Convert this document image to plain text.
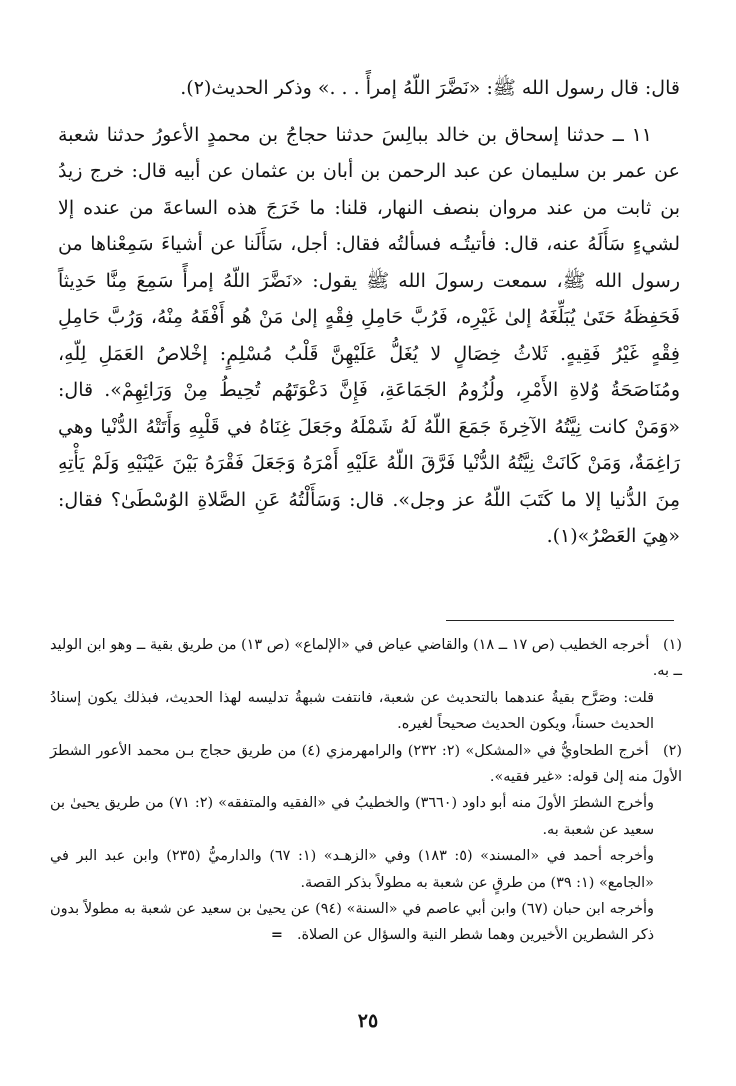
قال: قال رسول الله ﷺ: «نَضَّرَ اللّهُ إمرأً . . .» وذكر الحديث(٢).

١١ ــ حدثنا إسحاق بن خالد ببالِسَ حدثنا حجاجُ بن محمدٍ الأعورُ حدثنا شعبة عن عمر بن سليمان عن عبد الرحمن بن أبان بن عثمان عن أبيه قال: خرج زيدُ بن ثابت من عند مروان بنصف النهار، قلنا: ما خَرَجَ هذه الساعةَ من عنده إلا لشيءٍ سَأَلَهُ عنه، قال: فأتيتُـه فسألتُه فقال: أجل، سَأَلَنا عن أشياءَ سَمِعْناها من رسول الله ﷺ، سمعت رسولَ الله ﷺ يقول: «نَضَّرَ اللّهُ إمرأً سَمِعَ مِنَّا حَدِيثاً فَحَفِظَهُ حَتَىٰ يُبَلِّغَهُ إلىٰ غَيْرِه، فَرُبَّ حَامِلِ فِقْهٍ إلىٰ مَنْ هُو أَفْقَهُ مِنْهُ، وَرُبَّ حَامِلِ فِقْهٍ غَيْرُ فَقِيهٍ. ثَلاثُ خِصَالٍ لا يُغَلُّ عَلَيْهِنَّ قَلْبُ مُسْلِمٍ: إخْلاصُ العَمَلِ لِلّهِ، ومُنَاصَحَةُ وُلاةِ الأَمْرِ، ولُزُومُ الجَمَاعَةِ، فَإِنَّ دَعْوَتَهُم تُحِيطُ مِنْ وَرَائِهِمْ». قال: «وَمَنْ كانت نِيَّتُهُ الآخِرةَ جَمَعَ اللّهُ لَهُ شَمْلَهُ وجَعَلَ غِنَاهُ في قَلْبِهِ وَأَتَتْهُ الدُّنْيا وهي رَاغِمَةٌ، وَمَنْ كَانَتْ نِيَّتُهُ الدُّنْيا فَرَّقَ اللّهُ عَلَيْهِ أَمْرَهُ وَجَعَلَ فَقْرَهُ بَيْنَ عَيْنَيْهِ وَلَمْ يَأْتِهِ مِنَ الدُّنيا إلا ما كَتَبَ اللّهُ عز وجل». قال: وَسَأَلْتُهُ عَنِ الصَّلاةِ الوُسْطَىٰ؟ فقال: «هِيَ العَصْرُ»(١).

(١) أخرجه الخطيب (ص ١٧ ــ ١٨) والقاضي عياض في «الإلماع» (ص ١٣) من طريق بقية ــ وهو ابن الوليد ــ به.

قلت: وصَرَّح بقيةُ عندهما بالتحديث عن شعبة، فانتفت شبهةُ تدليسه لهذا الحديث، فبذلك يكون إسنادُ الحديث حسناً، ويكون الحديث صحيحاً لغيره.

(٢) أخرج الطحاويُّ في «المشكل» (٢: ٢٣٢) والرامهرمزي (٤) من طريق حجاج بـن محمد الأعور الشطرَ الأولَ منه إلىٰ قوله: «غير فقيه».

وأخرج الشطرَ الأولَ منه أبو داود (٣٦٦٠) والخطيبُ في «الفقيه والمتفقه» (٢: ٧١) من طريق يحيىٰ بن سعيد عن شعبة به.

وأخرجه أحمد في «المسند» (٥: ١٨٣) وفي «الزهـد» (١: ٦٧) والدارميُّ (٢٣٥) وابن عبد البر في «الجامع» (١: ٣٩) من طرقٍ عن شعبة به مطولاً بذكر القصة.

وأخرجه ابن حبان (٦٧) وابن أبي عاصم في «السنة» (٩٤) عن يحيىٰ بن سعيد عن شعبة به مطولاً بدون ذكر الشطرين الأخيرين وهما شطر النية والسؤال عن الصلاة.=

٢٥
